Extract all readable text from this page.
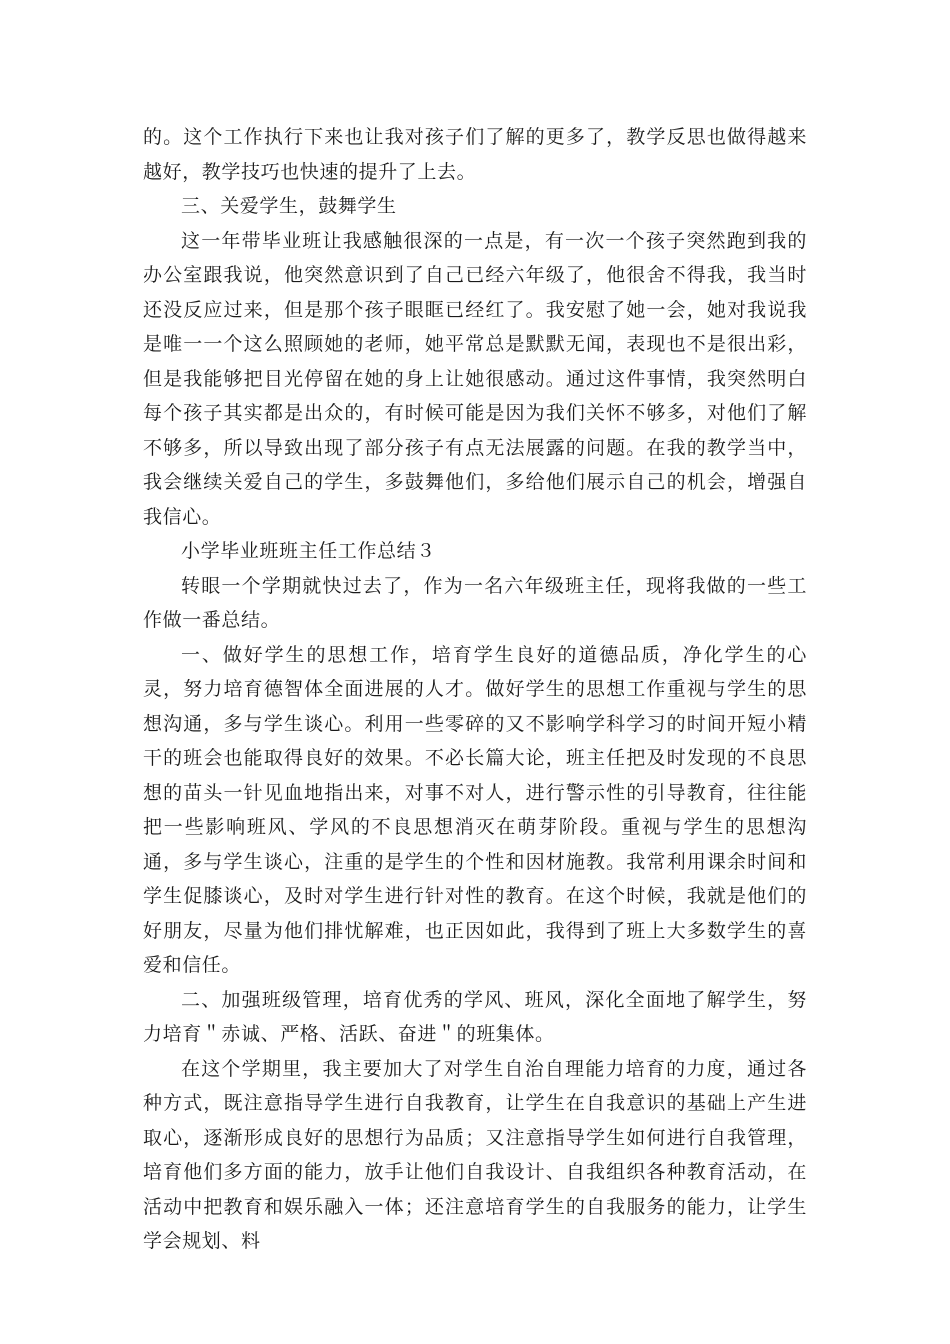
的。这个工作执行下来也让我对孩子们了解的更多了，教学反思也做得越来越好，教学技巧也快速的提升了上去。

三、关爱学生，鼓舞学生

这一年带毕业班让我感触很深的一点是，有一次一个孩子突然跑到我的办公室跟我说，他突然意识到了自己已经六年级了，他很舍不得我，我当时还没反应过来，但是那个孩子眼眶已经红了。我安慰了她一会，她对我说我是唯一一个这么照顾她的老师，她平常总是默默无闻，表现也不是很出彩，但是我能够把目光停留在她的身上让她很感动。通过这件事情，我突然明白每个孩子其实都是出众的，有时候可能是因为我们关怀不够多，对他们了解不够多，所以导致出现了部分孩子有点无法展露的问题。在我的教学当中，我会继续关爱自己的学生，多鼓舞他们，多给他们展示自己的机会，增强自我信心。

小学毕业班班主任工作总结３

转眼一个学期就快过去了，作为一名六年级班主任，现将我做的一些工作做一番总结。

一、做好学生的思想工作，培育学生良好的道德品质，净化学生的心灵，努力培育德智体全面进展的人才。做好学生的思想工作重视与学生的思想沟通，多与学生谈心。利用一些零碎的又不影响学科学习的时间开短小精干的班会也能取得良好的效果。不必长篇大论，班主任把及时发现的不良思想的苗头一针见血地指出来，对事不对人，进行警示性的引导教育，往往能把一些影响班风、学风的不良思想消灭在萌芽阶段。重视与学生的思想沟通，多与学生谈心，注重的是学生的个性和因材施教。我常利用课余时间和学生促膝谈心，及时对学生进行针对性的教育。在这个时候，我就是他们的好朋友，尽量为他们排忧解难，也正因如此，我得到了班上大多数学生的喜爱和信任。

二、加强班级管理，培育优秀的学风、班风，深化全面地了解学生，努力培育＂赤诚、严格、活跃、奋进＂的班集体。

在这个学期里，我主要加大了对学生自治自理能力培育的力度，通过各种方式，既注意指导学生进行自我教育，让学生在自我意识的基础上产生进取心，逐渐形成良好的思想行为品质；又注意指导学生如何进行自我管理，培育他们多方面的能力，放手让他们自我设计、自我组织各种教育活动，在活动中把教育和娱乐融入一体；还注意培育学生的自我服务的能力，让学生学会规划、料
